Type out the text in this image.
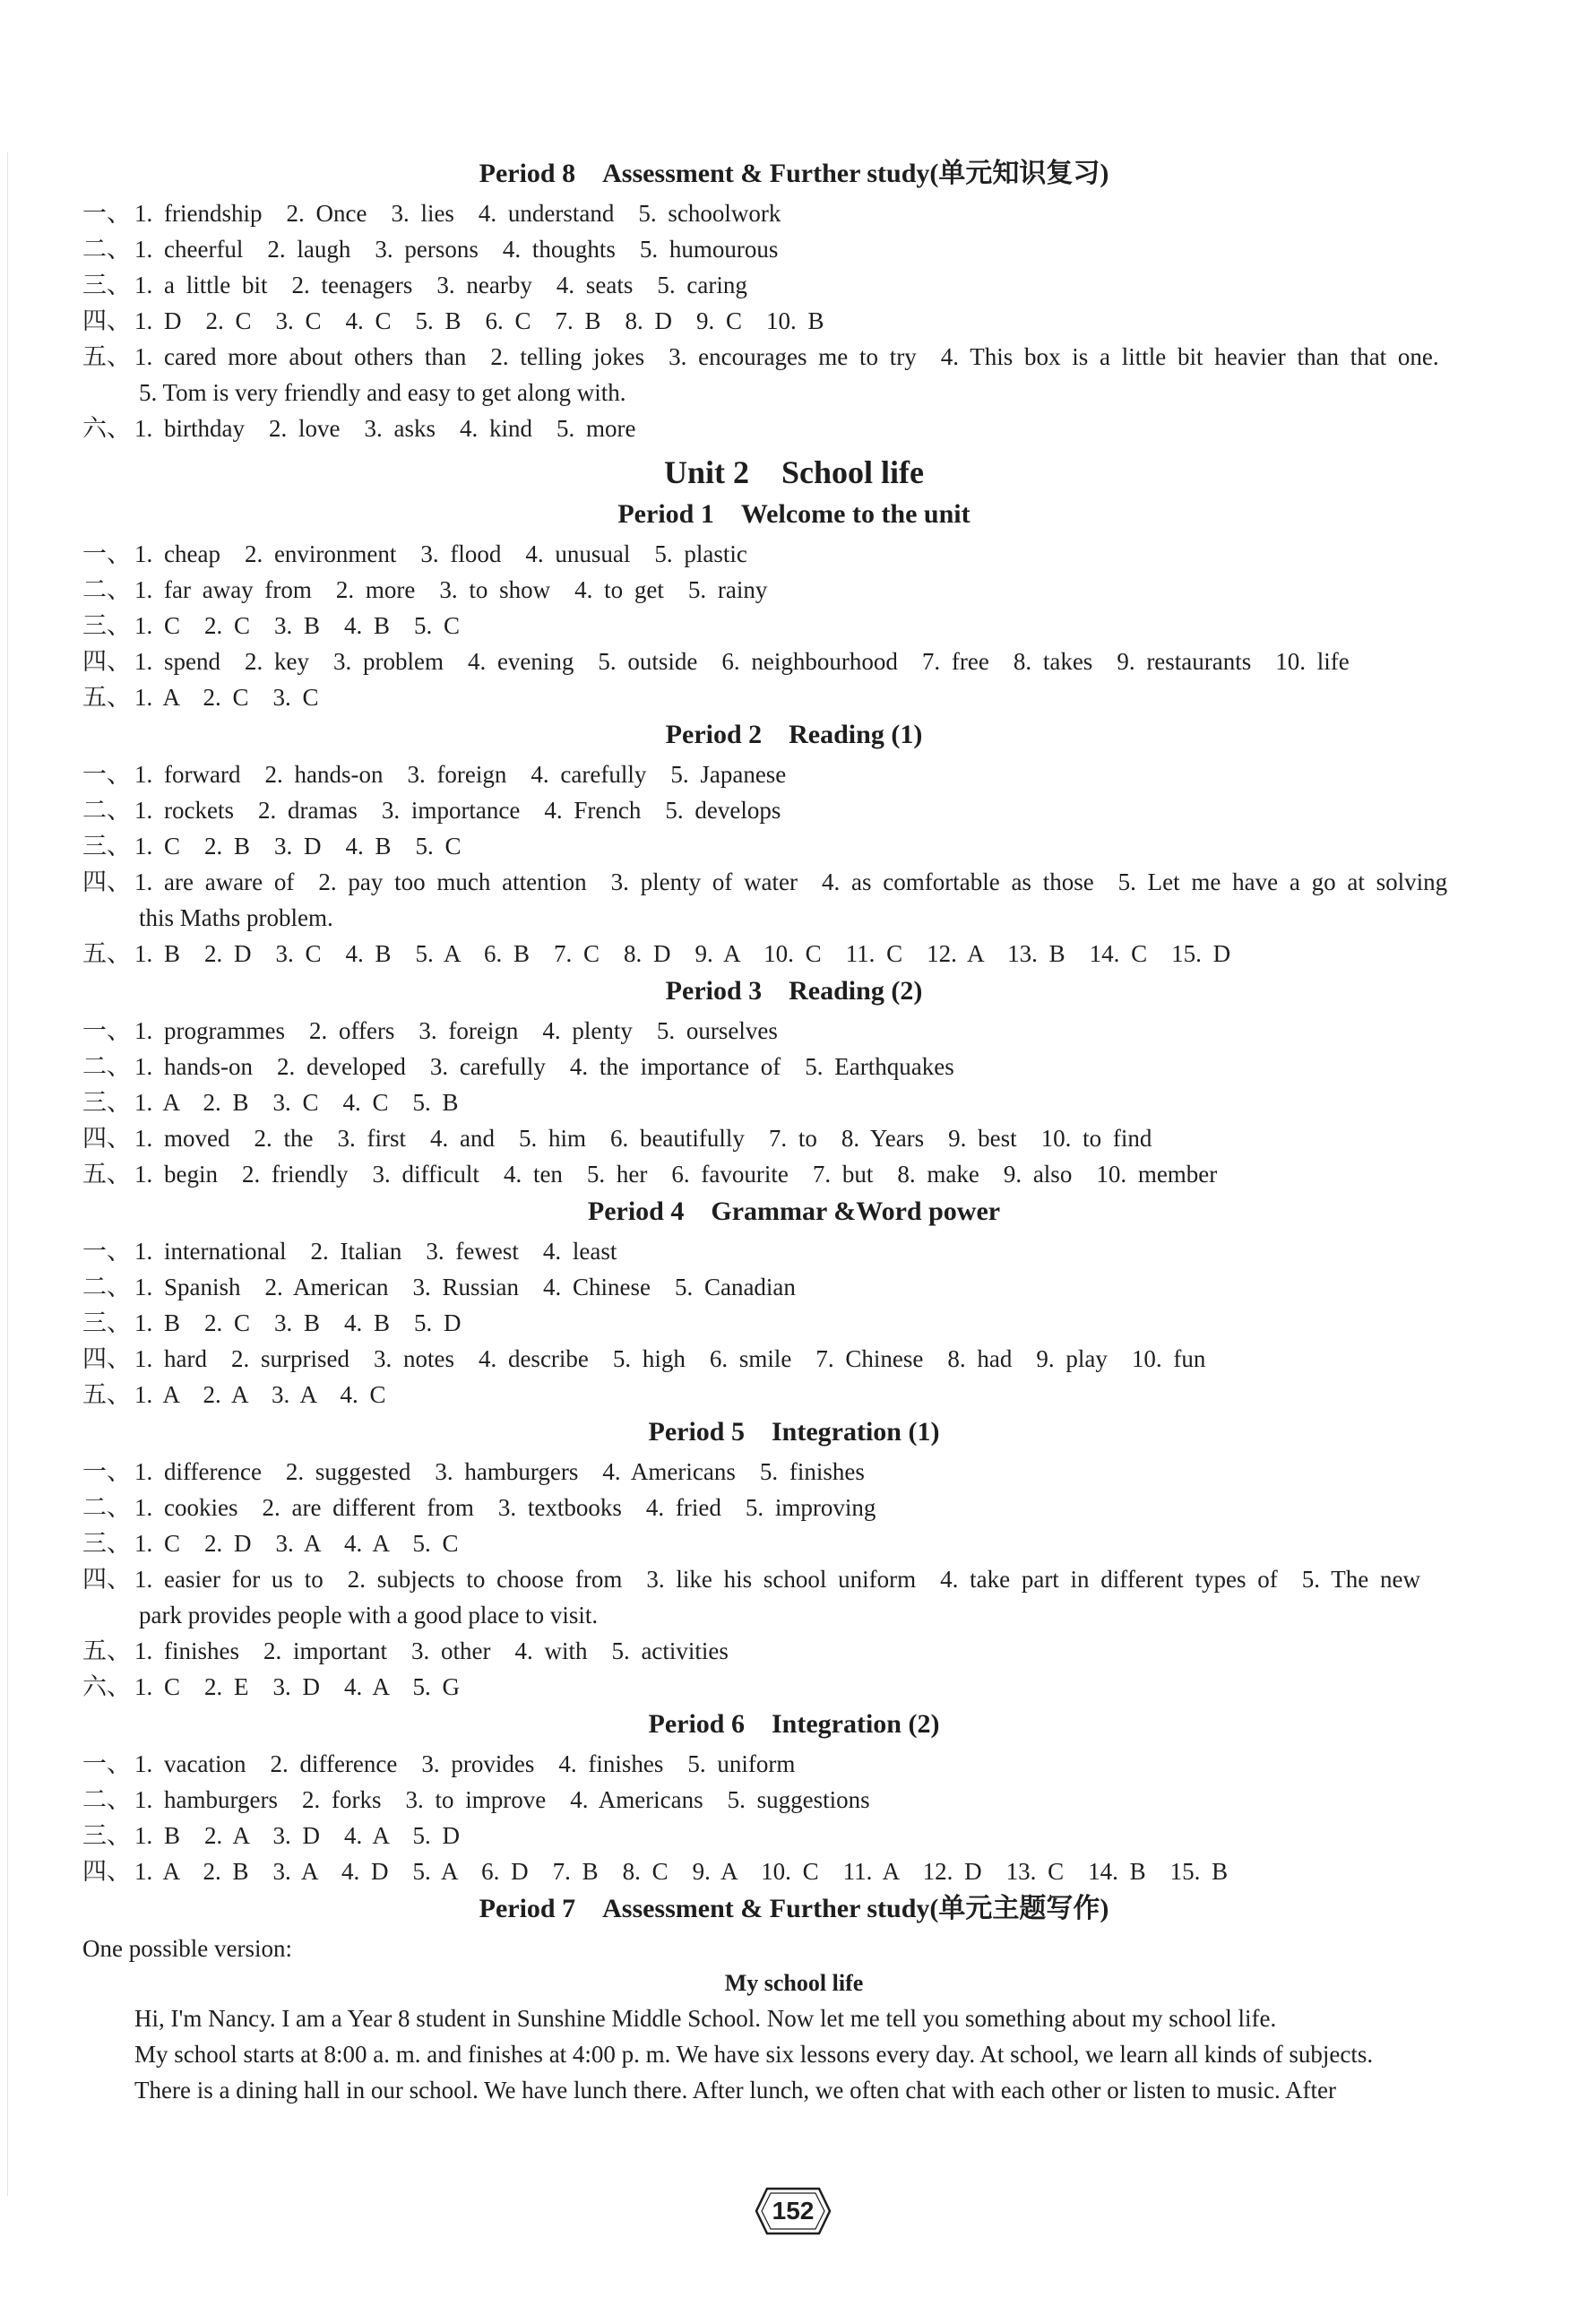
Period 8　Assessment & Further study(单元知识复习)
一、 1. friendship　2. Once　3. lies　4. understand　5. schoolwork
二、 1. cheerful　2. laugh　3. persons　4. thoughts　5. humourous
三、 1. a little bit　2. teenagers　3. nearby　4. seats　5. caring
四、 1. D　2. C　3. C　4. C　5. B　6. C　7. B　8. D　9. C　10. B
五、 1. cared more about others than　2. telling jokes　3. encourages me to try　4. This box is a little bit heavier than that one.
5. Tom is very friendly and easy to get along with.
六、 1. birthday　2. love　3. asks　4. kind　5. more
Unit 2　School life
Period 1　Welcome to the unit
一、 1. cheap　2. environment　3. flood　4. unusual　5. plastic
二、 1. far away from　2. more　3. to show　4. to get　5. rainy
三、 1. C　2. C　3. B　4. B　5. C
四、 1. spend　2. key　3. problem　4. evening　5. outside　6. neighbourhood　7. free　8. takes　9. restaurants　10. life
五、 1. A　2. C　3. C
Period 2　Reading (1)
一、 1. forward　2. hands-on　3. foreign　4. carefully　5. Japanese
二、 1. rockets　2. dramas　3. importance　4. French　5. develops
三、 1. C　2. B　3. D　4. B　5. C
四、 1. are aware of　2. pay too much attention　3. plenty of water　4. as comfortable as those　5. Let me have a go at solving
this Maths problem.
五、 1. B　2. D　3. C　4. B　5. A　6. B　7. C　8. D　9. A　10. C　11. C　12. A　13. B　14. C　15. D
Period 3　Reading (2)
一、 1. programmes　2. offers　3. foreign　4. plenty　5. ourselves
二、 1. hands-on　2. developed　3. carefully　4. the importance of　5. Earthquakes
三、 1. A　2. B　3. C　4. C　5. B
四、 1. moved　2. the　3. first　4. and　5. him　6. beautifully　7. to　8. Years　9. best　10. to find
五、 1. begin　2. friendly　3. difficult　4. ten　5. her　6. favourite　7. but　8. make　9. also　10. member
Period 4　Grammar &Word power
一、 1. international　2. Italian　3. fewest　4. least
二、 1. Spanish　2. American　3. Russian　4. Chinese　5. Canadian
三、 1. B　2. C　3. B　4. B　5. D
四、 1. hard　2. surprised　3. notes　4. describe　5. high　6. smile　7. Chinese　8. had　9. play　10. fun
五、 1. A　2. A　3. A　4. C
Period 5　Integration (1)
一、 1. difference　2. suggested　3. hamburgers　4. Americans　5. finishes
二、 1. cookies　2. are different from　3. textbooks　4. fried　5. improving
三、 1. C　2. D　3. A　4. A　5. C
四、 1. easier for us to　2. subjects to choose from　3. like his school uniform　4. take part in different types of　5. The new
park provides people with a good place to visit.
五、 1. finishes　2. important　3. other　4. with　5. activities
六、 1. C　2. E　3. D　4. A　5. G
Period 6　Integration (2)
一、 1. vacation　2. difference　3. provides　4. finishes　5. uniform
二、 1. hamburgers　2. forks　3. to improve　4. Americans　5. suggestions
三、 1. B　2. A　3. D　4. A　5. D
四、 1. A　2. B　3. A　4. D　5. A　6. D　7. B　8. C　9. A　10. C　11. A　12. D　13. C　14. B　15. B
Period 7　Assessment & Further study(单元主题写作)
One possible version:
My school life
Hi, I'm Nancy. I am a Year 8 student in Sunshine Middle School. Now let me tell you something about my school life.
My school starts at 8:00 a. m. and finishes at 4:00 p. m. We have six lessons every day. At school, we learn all kinds of subjects.
There is a dining hall in our school. We have lunch there. After lunch, we often chat with each other or listen to music. After
152
